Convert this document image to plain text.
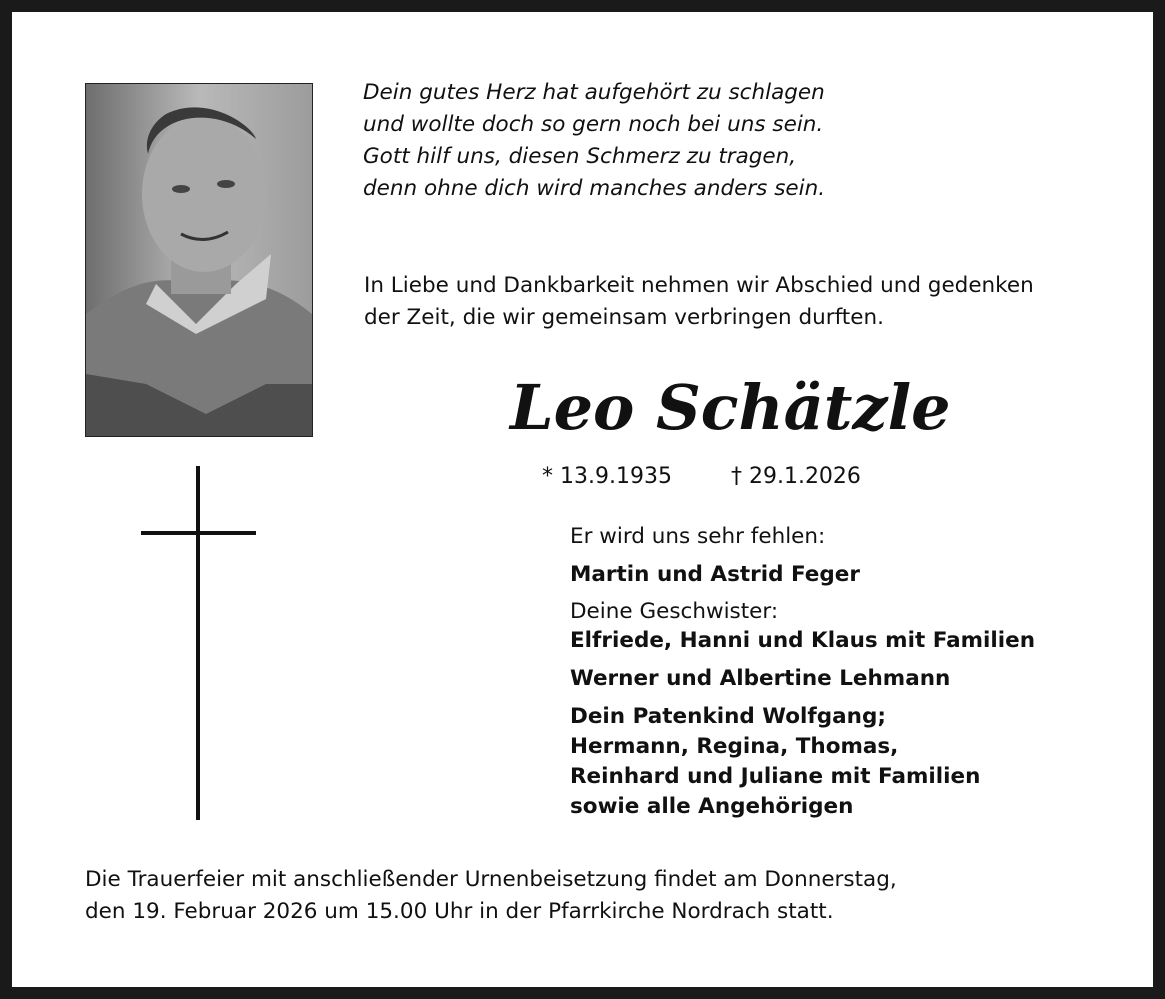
Dein gutes Herz hat aufgehört zu schlagen
und wollte doch so gern noch bei uns sein.
Gott hilf uns, diesen Schmerz zu tragen,
denn ohne dich wird manches anders sein.
In Liebe und Dankbarkeit nehmen wir Abschied und gedenken
der Zeit, die wir gemeinsam verbringen durften.
Leo Schätzle
* 13.9.1935	† 29.1.2026
Er wird uns sehr fehlen:
Martin und Astrid Feger
Deine Geschwister:
Elfriede, Hanni und Klaus mit Familien
Werner und Albertine Lehmann
Dein Patenkind Wolfgang;
Hermann, Regina, Thomas,
Reinhard und Juliane mit Familien
sowie alle Angehörigen
Die Trauerfeier mit anschließender Urnenbeisetzung findet am Donnerstag,
den 19. Februar 2026 um 15.00 Uhr in der Pfarrkirche Nordrach statt.
